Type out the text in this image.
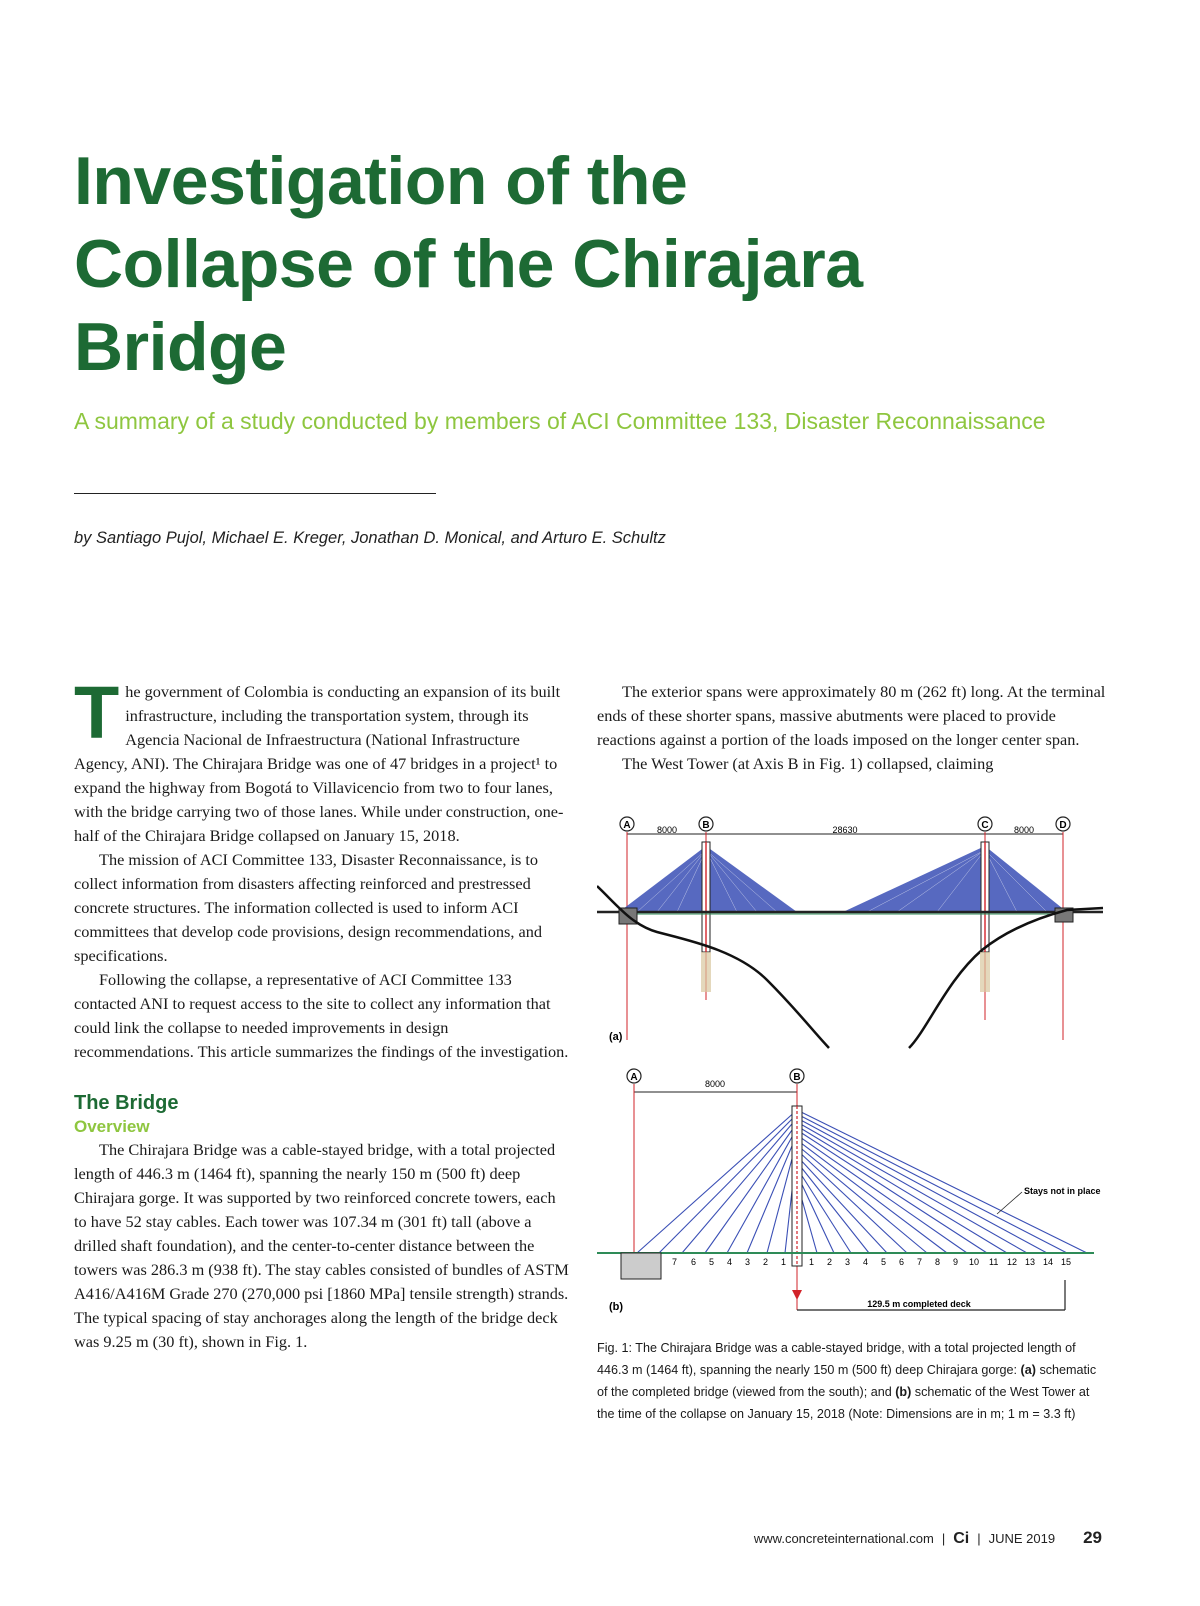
Investigation of the
Collapse of the Chirajara
Bridge

A summary of a study conducted by members of ACI Committee 133, Disaster Reconnaissance

by Santiago Pujol, Michael E. Kreger, Jonathan D. Monical, and Arturo E. Schultz

The government of Colombia is conducting an expansion of its built infrastructure, including the transportation system, through its Agencia Nacional de Infraestructura (National Infrastructure Agency, ANI). The Chirajara Bridge was one of 47 bridges in a project¹ to expand the highway from Bogotá to Villavicencio from two to four lanes, with the bridge carrying two of those lanes. While under construction, one-half of the Chirajara Bridge collapsed on January 15, 2018.

The mission of ACI Committee 133, Disaster Reconnaissance, is to collect information from disasters affecting reinforced and prestressed concrete structures. The information collected is used to inform ACI committees that develop code provisions, design recommendations, and specifications.

Following the collapse, a representative of ACI Committee 133 contacted ANI to request access to the site to collect any information that could link the collapse to needed improvements in design recommendations. This article summarizes the findings of the investigation.

The Bridge
Overview

The Chirajara Bridge was a cable-stayed bridge, with a total projected length of 446.3 m (1464 ft), spanning the nearly 150 m (500 ft) deep Chirajara gorge. It was supported by two reinforced concrete towers, each to have 52 stay cables. Each tower was 107.34 m (301 ft) tall (above a drilled shaft foundation), and the center-to-center distance between the towers was 286.3 m (938 ft). The stay cables consisted of bundles of ASTM A416/A416M Grade 270 (270,000 psi [1860 MPa] tensile strength) strands. The typical spacing of stay anchorages along the length of the bridge deck was 9.25 m (30 ft), shown in Fig. 1.

The exterior spans were approximately 80 m (262 ft) long. At the terminal ends of these shorter spans, massive abutments were placed to provide reactions against a portion of the loads imposed on the longer center span.

The West Tower (at Axis B in Fig. 1) collapsed, claiming

A	B	C	D
8000	28630	8000
(a)
A	B
8000
7 6 5 4 3 2 1	1 2 3 4 5 6 7 8 9 10 11 12 13 14 15
Stays not in place
129.5 m completed deck
(b)

Fig. 1: The Chirajara Bridge was a cable-stayed bridge, with a total projected length of 446.3 m (1464 ft), spanning the nearly 150 m (500 ft) deep Chirajara gorge: (a) schematic of the completed bridge (viewed from the south); and (b) schematic of the West Tower at the time of the collapse on January 15, 2018 (Note: Dimensions are in m; 1 m = 3.3 ft)

www.concreteinternational.com | Ci | JUNE 2019 29
